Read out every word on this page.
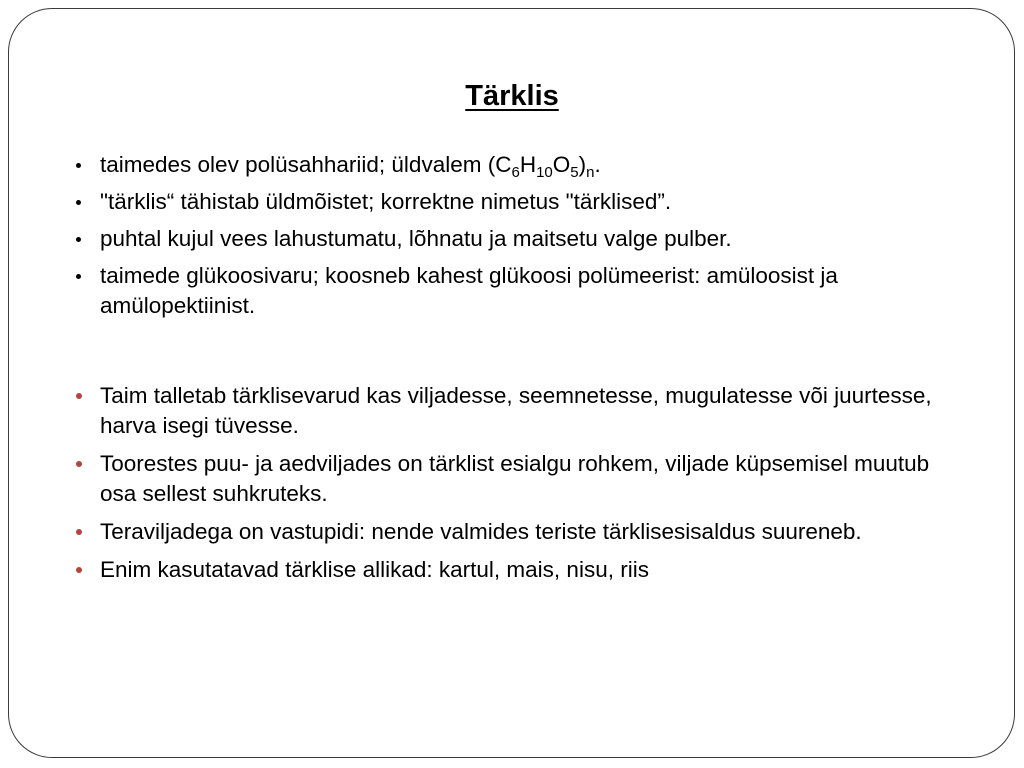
Tärklis
taimedes olev polüsahhariid; üldvalem $(C_6H_{10}O_5)_n$.
"tärklis“ tähistab üldmõistet; korrektne nimetus "tärklised”.
puhtal kujul vees lahustumatu, lõhnatu ja maitsetu valge pulber.
taimede glükoosivaru; koosneb kahest glükoosi polümeerist: amüloosist ja amülopektiinist.
Taim talletab tärklisevarud kas viljadesse, seemnetesse, mugulatesse või juurtesse, harva isegi tüvesse.
Toorestes puu- ja aedviljades on tärklist esialgu rohkem, viljade küpsemisel muutub osa sellest suhkruteks.
Teraviljadega on vastupidi: nende valmides teriste tärklisesisaldus suureneb.
Enim kasutatavad tärklise allikad: kartul, mais, nisu, riis
